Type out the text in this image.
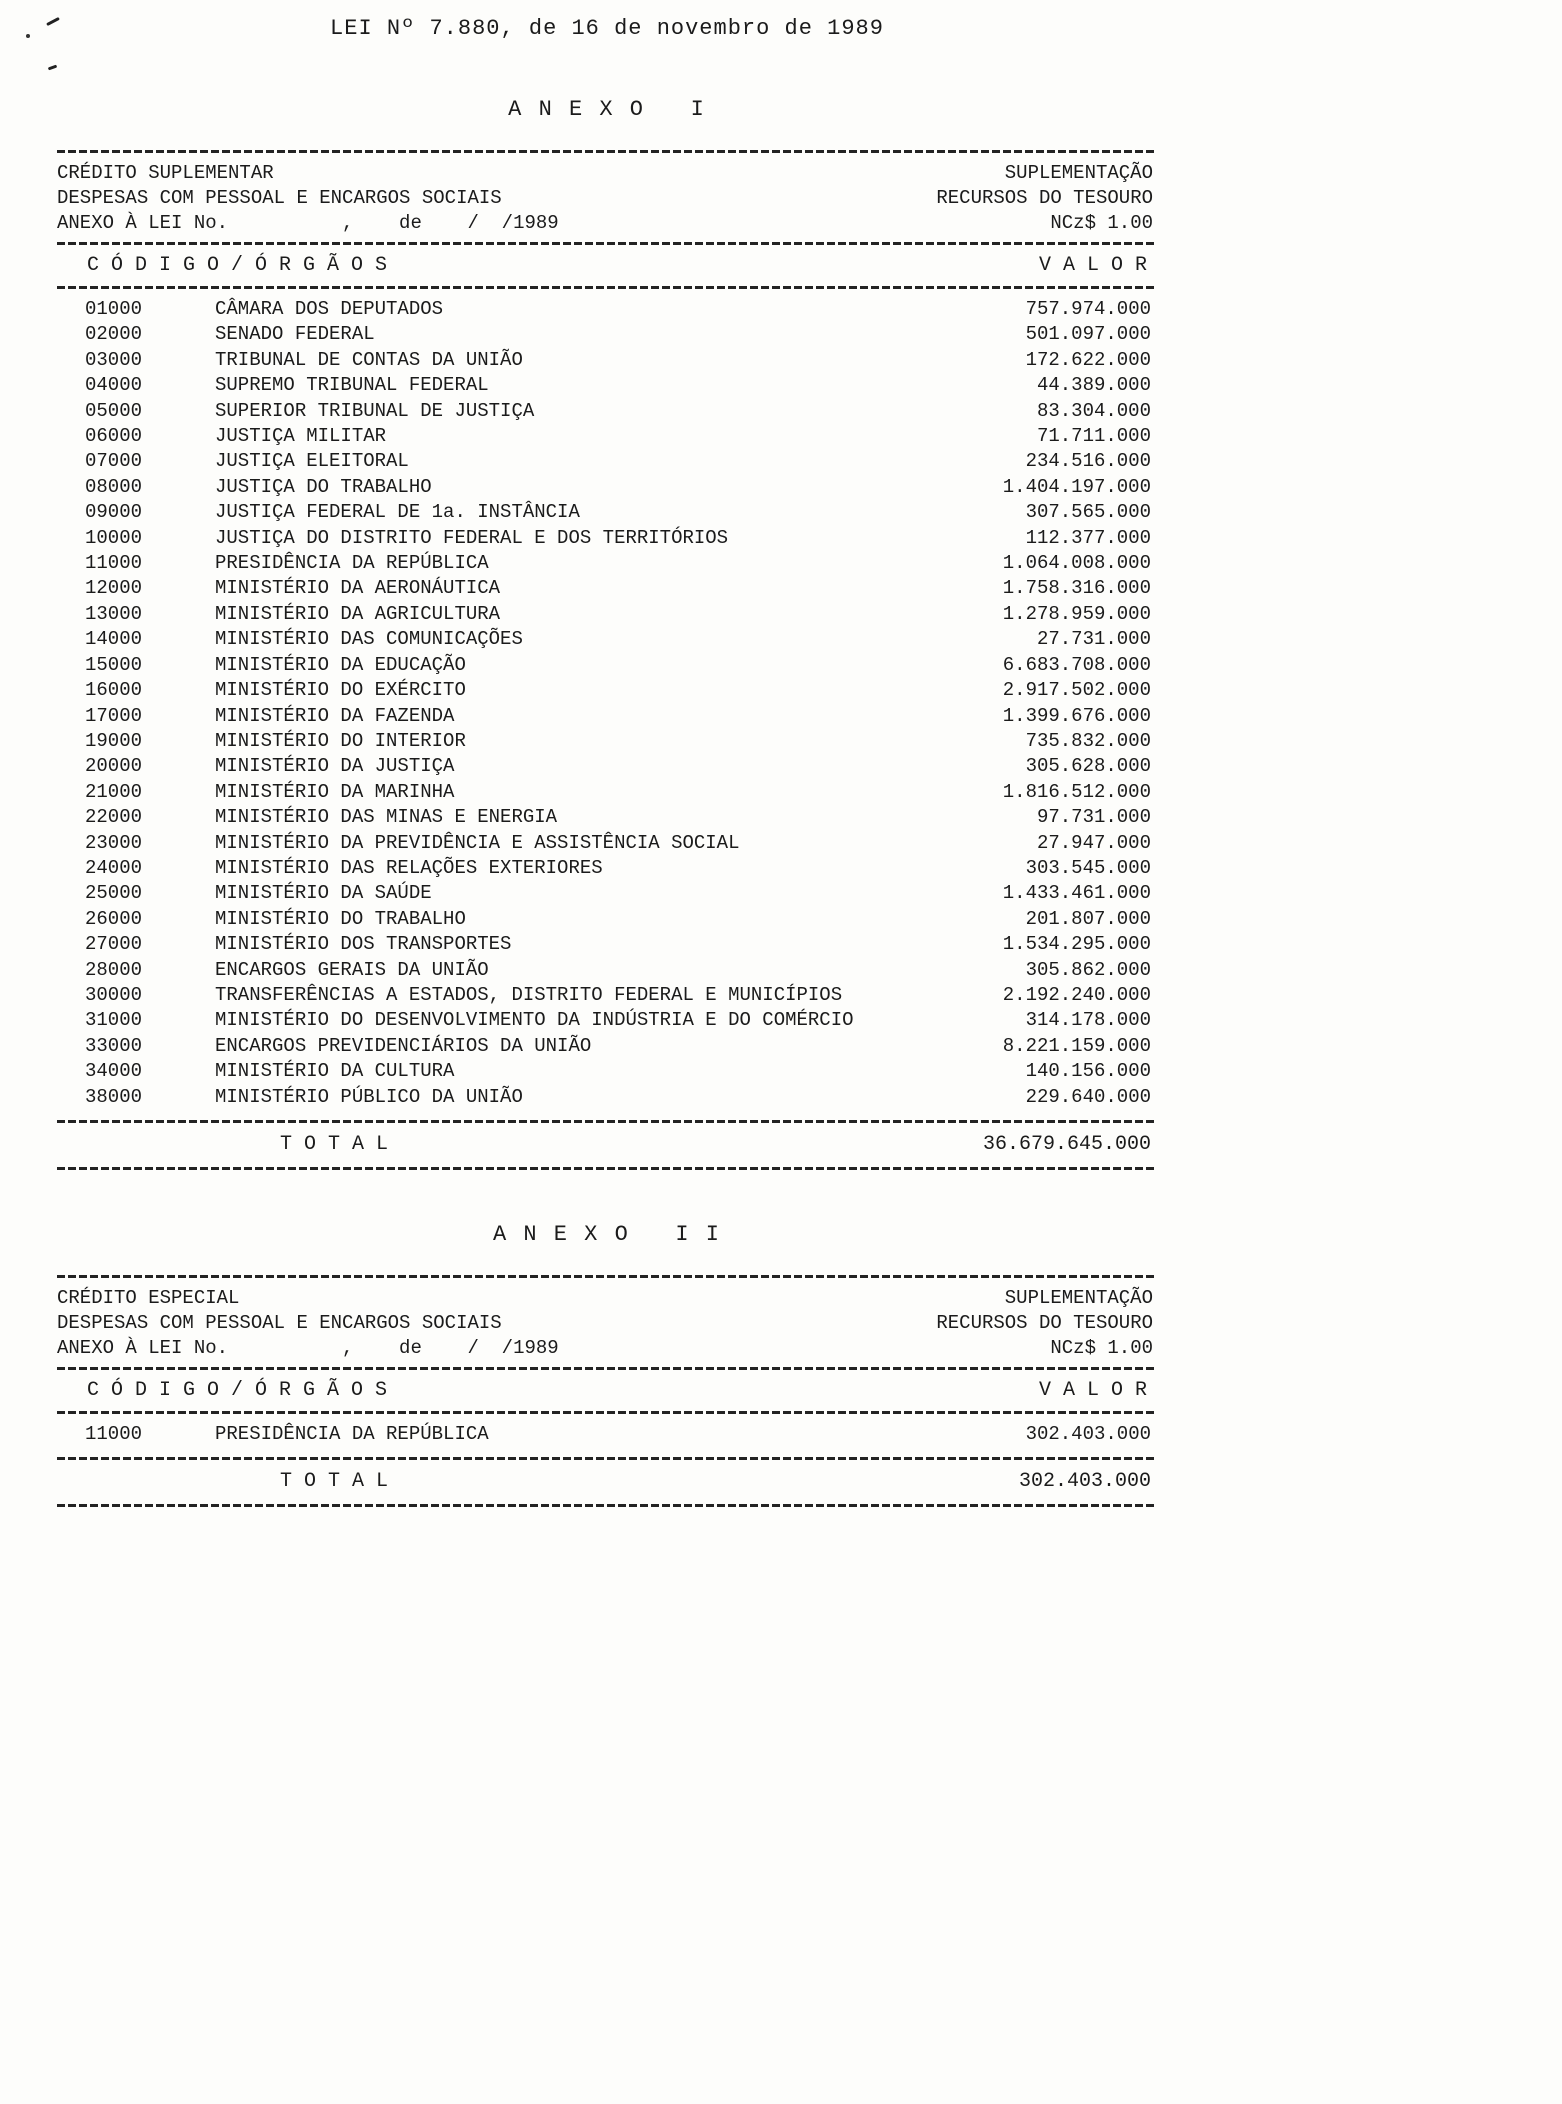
LEI Nº 7.880, de 16 de novembro de 1989
A N E X O   I
CRÉDITO SUPLEMENTAR	SUPLEMENTAÇÃO
DESPESAS COM PESSOAL E ENCARGOS SOCIAIS	RECURSOS DO TESOURO
ANEXO À LEI No.          ,    de    /  /1989	NCz$ 1.00
C Ó D I G O / Ó R G Ã O S	V A L O R
01000	CÂMARA DOS DEPUTADOS	757.974.000
02000	SENADO FEDERAL	501.097.000
03000	TRIBUNAL DE CONTAS DA UNIÃO	172.622.000
04000	SUPREMO TRIBUNAL FEDERAL	44.389.000
05000	SUPERIOR TRIBUNAL DE JUSTIÇA	83.304.000
06000	JUSTIÇA MILITAR	71.711.000
07000	JUSTIÇA ELEITORAL	234.516.000
08000	JUSTIÇA DO TRABALHO	1.404.197.000
09000	JUSTIÇA FEDERAL DE 1a. INSTÂNCIA	307.565.000
10000	JUSTIÇA DO DISTRITO FEDERAL E DOS TERRITÓRIOS	112.377.000
11000	PRESIDÊNCIA DA REPÚBLICA	1.064.008.000
12000	MINISTÉRIO DA AERONÁUTICA	1.758.316.000
13000	MINISTÉRIO DA AGRICULTURA	1.278.959.000
14000	MINISTÉRIO DAS COMUNICAÇÕES	27.731.000
15000	MINISTÉRIO DA EDUCAÇÃO	6.683.708.000
16000	MINISTÉRIO DO EXÉRCITO	2.917.502.000
17000	MINISTÉRIO DA FAZENDA	1.399.676.000
19000	MINISTÉRIO DO INTERIOR	735.832.000
20000	MINISTÉRIO DA JUSTIÇA	305.628.000
21000	MINISTÉRIO DA MARINHA	1.816.512.000
22000	MINISTÉRIO DAS MINAS E ENERGIA	97.731.000
23000	MINISTÉRIO DA PREVIDÊNCIA E ASSISTÊNCIA SOCIAL	27.947.000
24000	MINISTÉRIO DAS RELAÇÕES EXTERIORES	303.545.000
25000	MINISTÉRIO DA SAÚDE	1.433.461.000
26000	MINISTÉRIO DO TRABALHO	201.807.000
27000	MINISTÉRIO DOS TRANSPORTES	1.534.295.000
28000	ENCARGOS GERAIS DA UNIÃO	305.862.000
30000	TRANSFERÊNCIAS A ESTADOS, DISTRITO FEDERAL E MUNICÍPIOS	2.192.240.000
31000	MINISTÉRIO DO DESENVOLVIMENTO DA INDÚSTRIA E DO COMÉRCIO	314.178.000
33000	ENCARGOS PREVIDENCIÁRIOS DA UNIÃO	8.221.159.000
34000	MINISTÉRIO DA CULTURA	140.156.000
38000	MINISTÉRIO PÚBLICO DA UNIÃO	229.640.000
T O T A L	36.679.645.000
A N E X O   I I
CRÉDITO ESPECIAL	SUPLEMENTAÇÃO
DESPESAS COM PESSOAL E ENCARGOS SOCIAIS	RECURSOS DO TESOURO
ANEXO À LEI No.          ,    de    /  /1989	NCz$ 1.00
C Ó D I G O / Ó R G Ã O S	V A L O R
11000	PRESIDÊNCIA DA REPÚBLICA	302.403.000
T O T A L	302.403.000
